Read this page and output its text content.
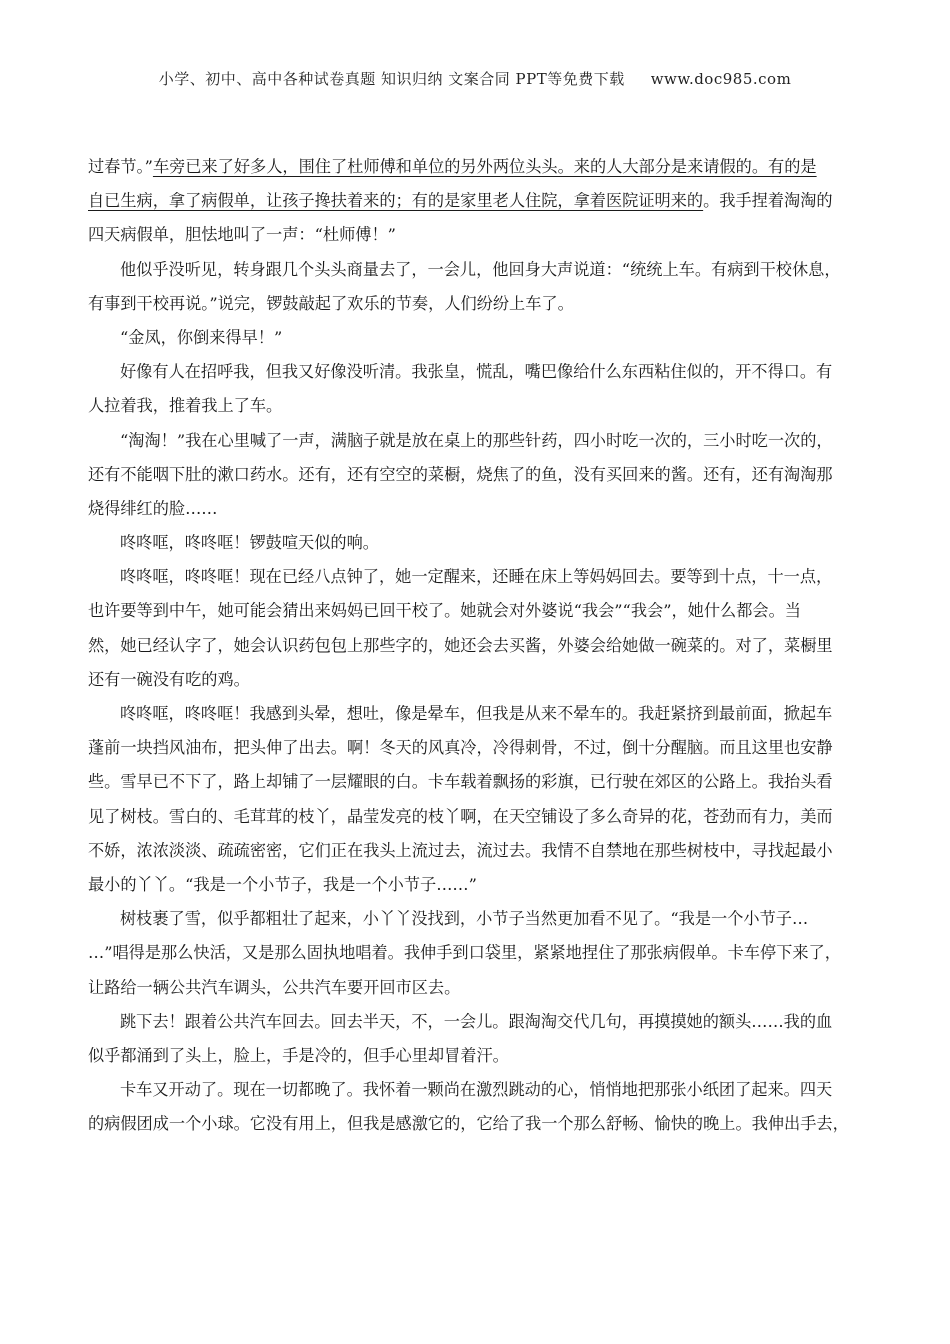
小学、初中、高中各种试卷真题 知识归纳 文案合同 PPT等免费下载 www.doc985.com
过春节。”车旁已来了好多人，围住了杜师傅和单位的另外两位头头。来的人大部分是来请假的。有的是
自已生病，拿了病假单，让孩子搀扶着来的；有的是家里老人住院，拿着医院证明来的。我手捏着淘淘的
四天病假单，胆怯地叫了一声：“杜师傅！”
他似乎没听见，转身跟几个头头商量去了，一会儿，他回身大声说道：“统统上车。有病到干校休息，
有事到干校再说。”说完，锣鼓敲起了欢乐的节奏，人们纷纷上车了。
“金凤，你倒来得早！”
好像有人在招呼我，但我又好像没听清。我张皇，慌乱，嘴巴像给什么东西粘住似的，开不得口。有
人拉着我，推着我上了车。
“淘淘！”我在心里喊了一声，满脑子就是放在桌上的那些针药，四小时吃一次的，三小时吃一次的，
还有不能咽下肚的漱口药水。还有，还有空空的菜橱，烧焦了的鱼，没有买回来的酱。还有，还有淘淘那
烧得绯红的脸……
咚咚哐，咚咚哐！锣鼓喧天似的响。
咚咚哐，咚咚哐！现在已经八点钟了，她一定醒来，还睡在床上等妈妈回去。要等到十点，十一点，
也许要等到中午，她可能会猜出来妈妈已回干校了。她就会对外婆说“我会”“我会”，她什么都会。当
然，她已经认字了，她会认识药包包上那些字的，她还会去买酱，外婆会给她做一碗菜的。对了，菜橱里
还有一碗没有吃的鸡。
咚咚哐，咚咚哐！我感到头晕，想吐，像是晕车，但我是从来不晕车的。我赶紧挤到最前面，掀起车
蓬前一块挡风油布，把头伸了出去。啊！冬天的风真冷，冷得刺骨，不过，倒十分醒脑。而且这里也安静
些。雪早已不下了，路上却铺了一层耀眼的白。卡车载着飘扬的彩旗，已行驶在郊区的公路上。我抬头看
见了树枝。雪白的、毛茸茸的枝丫，晶莹发亮的枝丫啊，在天空铺设了多么奇异的花，苍劲而有力，美而
不娇，浓浓淡淡、疏疏密密，它们正在我头上流过去，流过去。我情不自禁地在那些树枝中，寻找起最小
最小的丫丫。“我是一个小节子，我是一个小节子……”
树枝裹了雪，似乎都粗壮了起来，小丫丫没找到，小节子当然更加看不见了。“我是一个小节子…
…”唱得是那么快活，又是那么固执地唱着。我伸手到口袋里，紧紧地捏住了那张病假单。卡车停下来了，
让路给一辆公共汽车调头，公共汽车要开回市区去。
跳下去！跟着公共汽车回去。回去半天，不，一会儿。跟淘淘交代几句，再摸摸她的额头……我的血
似乎都涌到了头上，脸上，手是冷的，但手心里却冒着汗。
卡车又开动了。现在一切都晚了。我怀着一颗尚在激烈跳动的心，悄悄地把那张小纸团了起来。四天
的病假团成一个小球。它没有用上，但我是感激它的，它给了我一个那么舒畅、愉快的晚上。我伸出手去，
